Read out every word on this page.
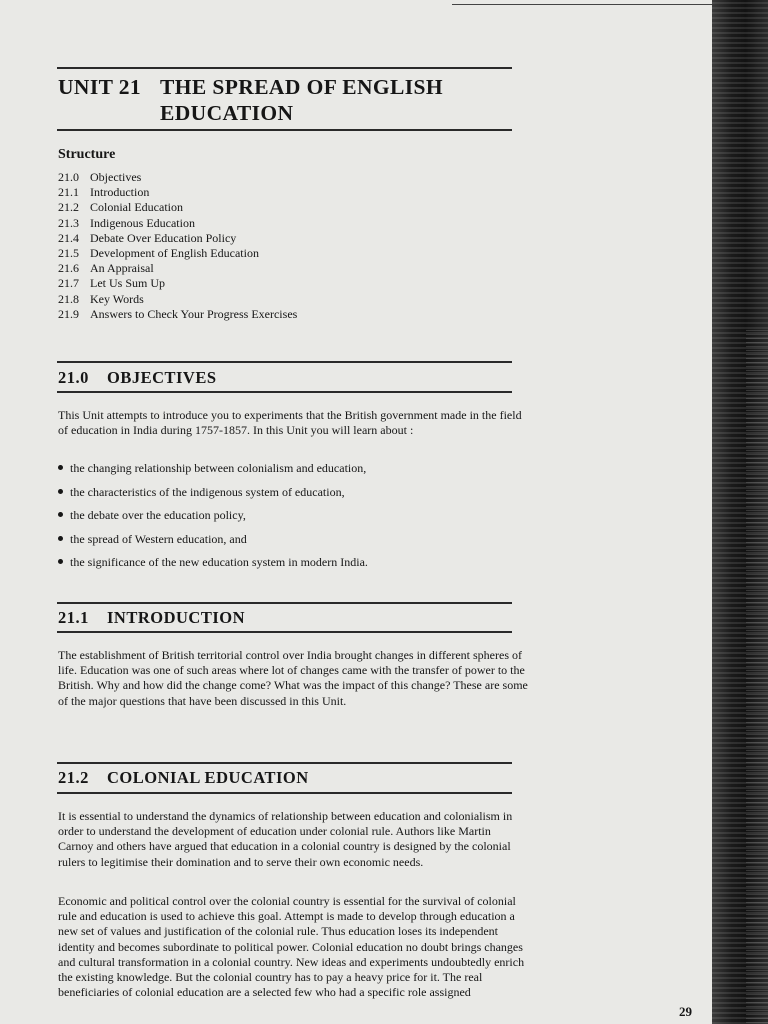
UNIT 21 THE SPREAD OF ENGLISH
EDUCATION
Structure
21.0 Objectives
21.1 Introduction
21.2 Colonial Education
21.3 Indigenous Education
21.4 Debate Over Education Policy
21.5 Development of English Education
21.6 An Appraisal
21.7 Let Us Sum Up
21.8 Key Words
21.9 Answers to Check Your Progress Exercises
21.0 OBJECTIVES
This Unit attempts to introduce you to experiments that the British government made in the field of education in India during 1757-1857. In this Unit you will learn about :
the changing relationship between colonialism and education,
the characteristics of the indigenous system of education,
the debate over the education policy,
the spread of Western education, and
the significance of the new education system in modern India.
21.1 INTRODUCTION
The establishment of British territorial control over India brought changes in different spheres of life. Education was one of such areas where lot of changes came with the transfer of power to the British. Why and how did the change come? What was the impact of this change? These are some of the major questions that have been discussed in this Unit.
21.2 COLONIAL EDUCATION
It is essential to understand the dynamics of relationship between education and colonialism in order to understand the development of education under colonial rule. Authors like Martin Carnoy and others have argued that education in a colonial country is designed by the colonial rulers to legitimise their domination and to serve their own economic needs.
Economic and political control over the colonial country is essential for the survival of colonial rule and education is used to achieve this goal. Attempt is made to develop through education a new set of values and justification of the colonial rule. Thus education loses its independent identity and becomes subordinate to political power. Colonial education no doubt brings changes and cultural transformation in a colonial country. New ideas and experiments undoubtedly enrich the existing knowledge. But the colonial country has to pay a heavy price for it. The real beneficiaries of colonial education are a selected few who had a specific role assigned
29
